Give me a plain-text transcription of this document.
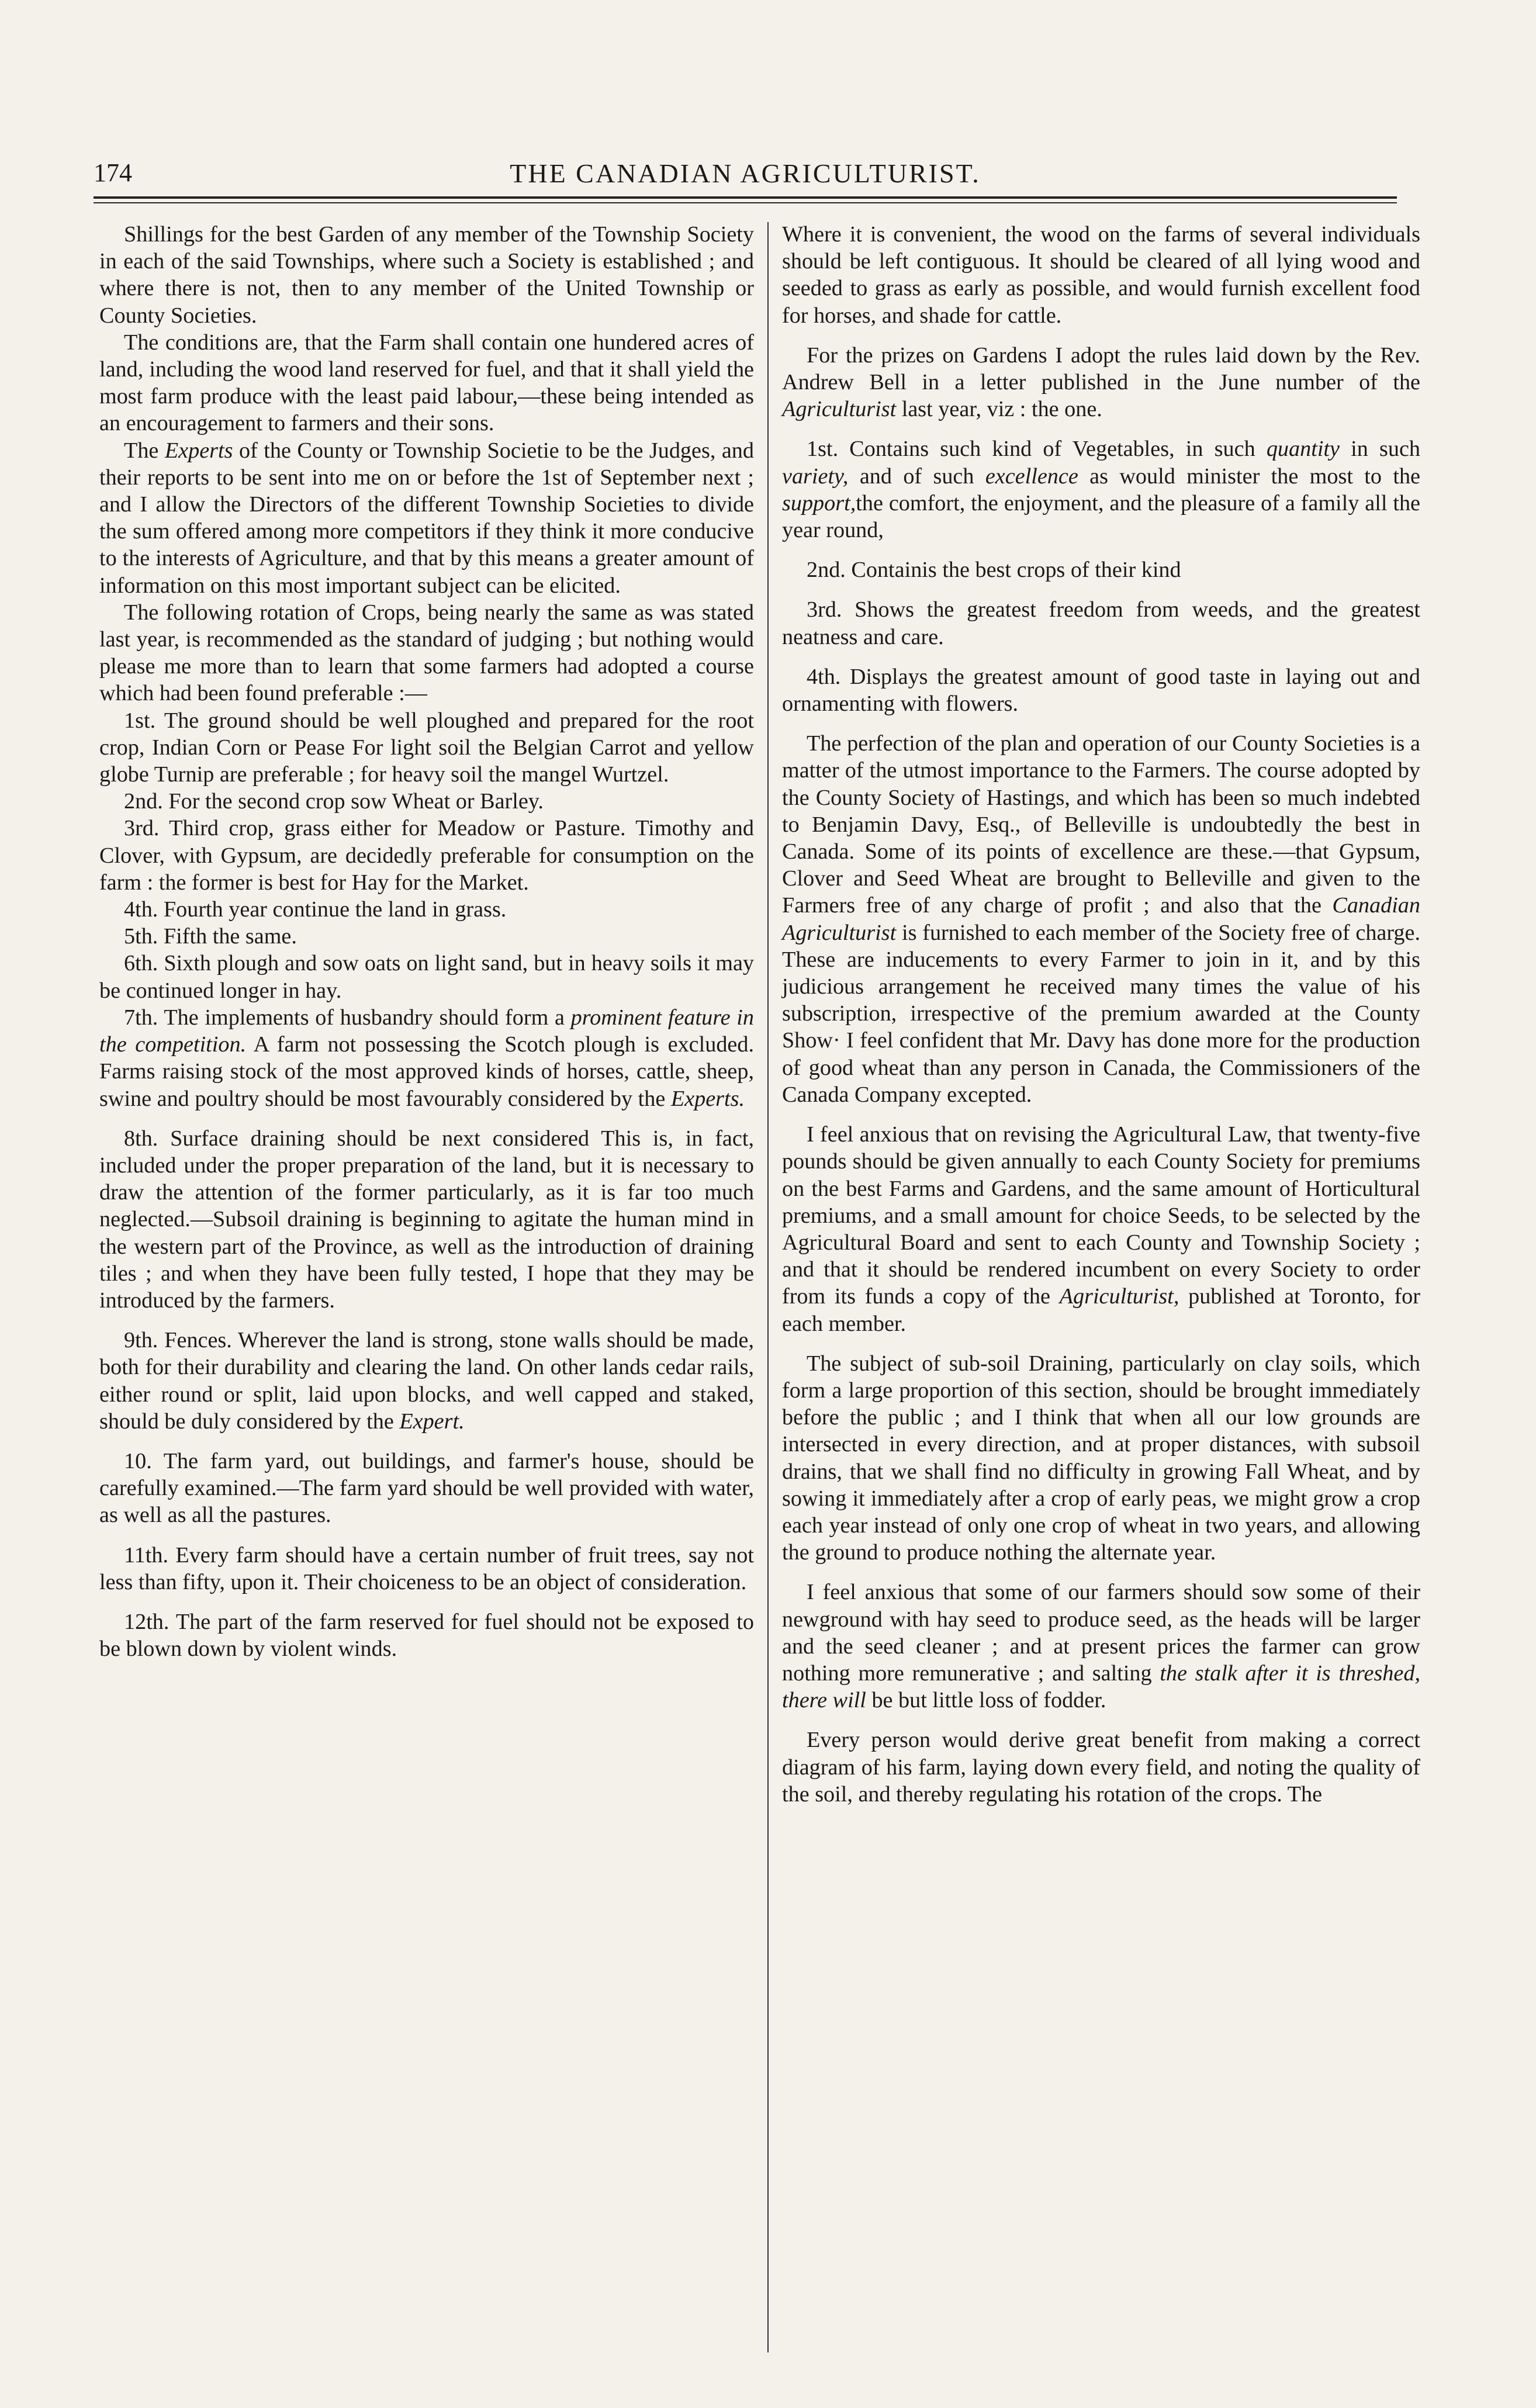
174	THE CANADIAN AGRICULTURIST.

Shillings for the best Garden of any member of the Township Society in each of the said Townships, where such a Society is established ; and where there is not, then to any member of the United Township or County Societies.

The conditions are, that the Farm shall contain one hundered acres of land, including the wood land reserved for fuel, and that it shall yield the most farm produce with the least paid labour,—these being intended as an encouragement to farmers and their sons.

The Experts of the County or Township Societie to be the Judges, and their reports to be sent into me on or before the 1st of September next ; and I allow the Directors of the different Township Societies to divide the sum offered among more competitors if they think it more conducive to the interests of Agriculture, and that by this means a greater amount of information on this most important subject can be elicited.

The following rotation of Crops, being nearly the same as was stated last year, is recommended as the standard of judging ; but nothing would please me more than to learn that some farmers had adopted a course which had been found preferable :—

1st. The ground should be well ploughed and prepared for the root crop, Indian Corn or Pease For light soil the Belgian Carrot and yellow globe Turnip are preferable ; for heavy soil the mangel Wurtzel.

2nd. For the second crop sow Wheat or Barley.

3rd. Third crop, grass either for Meadow or Pasture. Timothy and Clover, with Gypsum, are decidedly preferable for consumption on the farm : the former is best for Hay for the Market.

4th. Fourth year continue the land in grass.

5th. Fifth the same.

6th. Sixth plough and sow oats on light sand, but in heavy soils it may be continued longer in hay.

7th. The implements of husbandry should form a prominent feature in the competition. A farm not possessing the Scotch plough is excluded. Farms raising stock of the most approved kinds of horses, cattle, sheep, swine and poultry should be most favourably considered by the Experts.

8th. Surface draining should be next considered This is, in fact, included under the proper preparation of the land, but it is necessary to draw the attention of the former particularly, as it is far too much neglected.—Subsoil draining is beginning to agitate the human mind in the western part of the Province, as well as the introduction of draining tiles ; and when they have been fully tested, I hope that they may be introduced by the farmers.

9th. Fences. Wherever the land is strong, stone walls should be made, both for their durability and clearing the land. On other lands cedar rails, either round or split, laid upon blocks, and well capped and staked, should be duly considered by the Expert.

10. The farm yard, out buildings, and farmer's house, should be carefully examined.—The farm yard should be well provided with water, as well as all the pastures.

11th. Every farm should have a certain number of fruit trees, say not less than fifty, upon it. Their choiceness to be an object of consideration.

12th. The part of the farm reserved for fuel should not be exposed to be blown down by violent winds.

Where it is convenient, the wood on the farms of several individuals should be left contiguous. It should be cleared of all lying wood and seeded to grass as early as possible, and would furnish excellent food for horses, and shade for cattle.

For the prizes on Gardens I adopt the rules laid down by the Rev. Andrew Bell in a letter published in the June number of the Agriculturist last year, viz : the one.

1st. Contains such kind of Vegetables, in such quantity in such variety, and of such excellence as would minister the most to the support,the comfort, the enjoyment, and the pleasure of a family all the year round,

2nd. Containis the best crops of their kind

3rd. Shows the greatest freedom from weeds, and the greatest neatness and care.

4th. Displays the greatest amount of good taste in laying out and ornamenting with flowers.

The perfection of the plan and operation of our County Societies is a matter of the utmost importance to the Farmers. The course adopted by the County Society of Hastings, and which has been so much indebted to Benjamin Davy, Esq., of Belleville is undoubtedly the best in Canada. Some of its points of excellence are these.—that Gypsum, Clover and Seed Wheat are brought to Belleville and given to the Farmers free of any charge of profit ; and also that the Canadian Agriculturist is furnished to each member of the Society free of charge. These are inducements to every Farmer to join in it, and by this judicious arrangement he received many times the value of his subscription, irrespective of the premium awarded at the County Show· I feel confident that Mr. Davy has done more for the production of good wheat than any person in Canada, the Commissioners of the Canada Company excepted.

I feel anxious that on revising the Agricultural Law, that twenty-five pounds should be given annually to each County Society for premiums on the best Farms and Gardens, and the same amount of Horticultural premiums, and a small amount for choice Seeds, to be selected by the Agricultural Board and sent to each County and Township Society ; and that it should be rendered incumbent on every Society to order from its funds a copy of the Agriculturist, published at Toronto, for each member.

The subject of sub-soil Draining, particularly on clay soils, which form a large proportion of this section, should be brought immediately before the public ; and I think that when all our low grounds are intersected in every direction, and at proper distances, with subsoil drains, that we shall find no difficulty in growing Fall Wheat, and by sowing it immediately after a crop of early peas, we might grow a crop each year instead of only one crop of wheat in two years, and allowing the ground to produce nothing the alternate year.

I feel anxious that some of our farmers should sow some of their newground with hay seed to produce seed, as the heads will be larger and the seed cleaner ; and at present prices the farmer can grow nothing more remunerative ; and salting the stalk after it is threshed, there will be but little loss of fodder.

Every person would derive great benefit from making a correct diagram of his farm, laying down every field, and noting the quality of the soil, and thereby regulating his rotation of the crops. The
